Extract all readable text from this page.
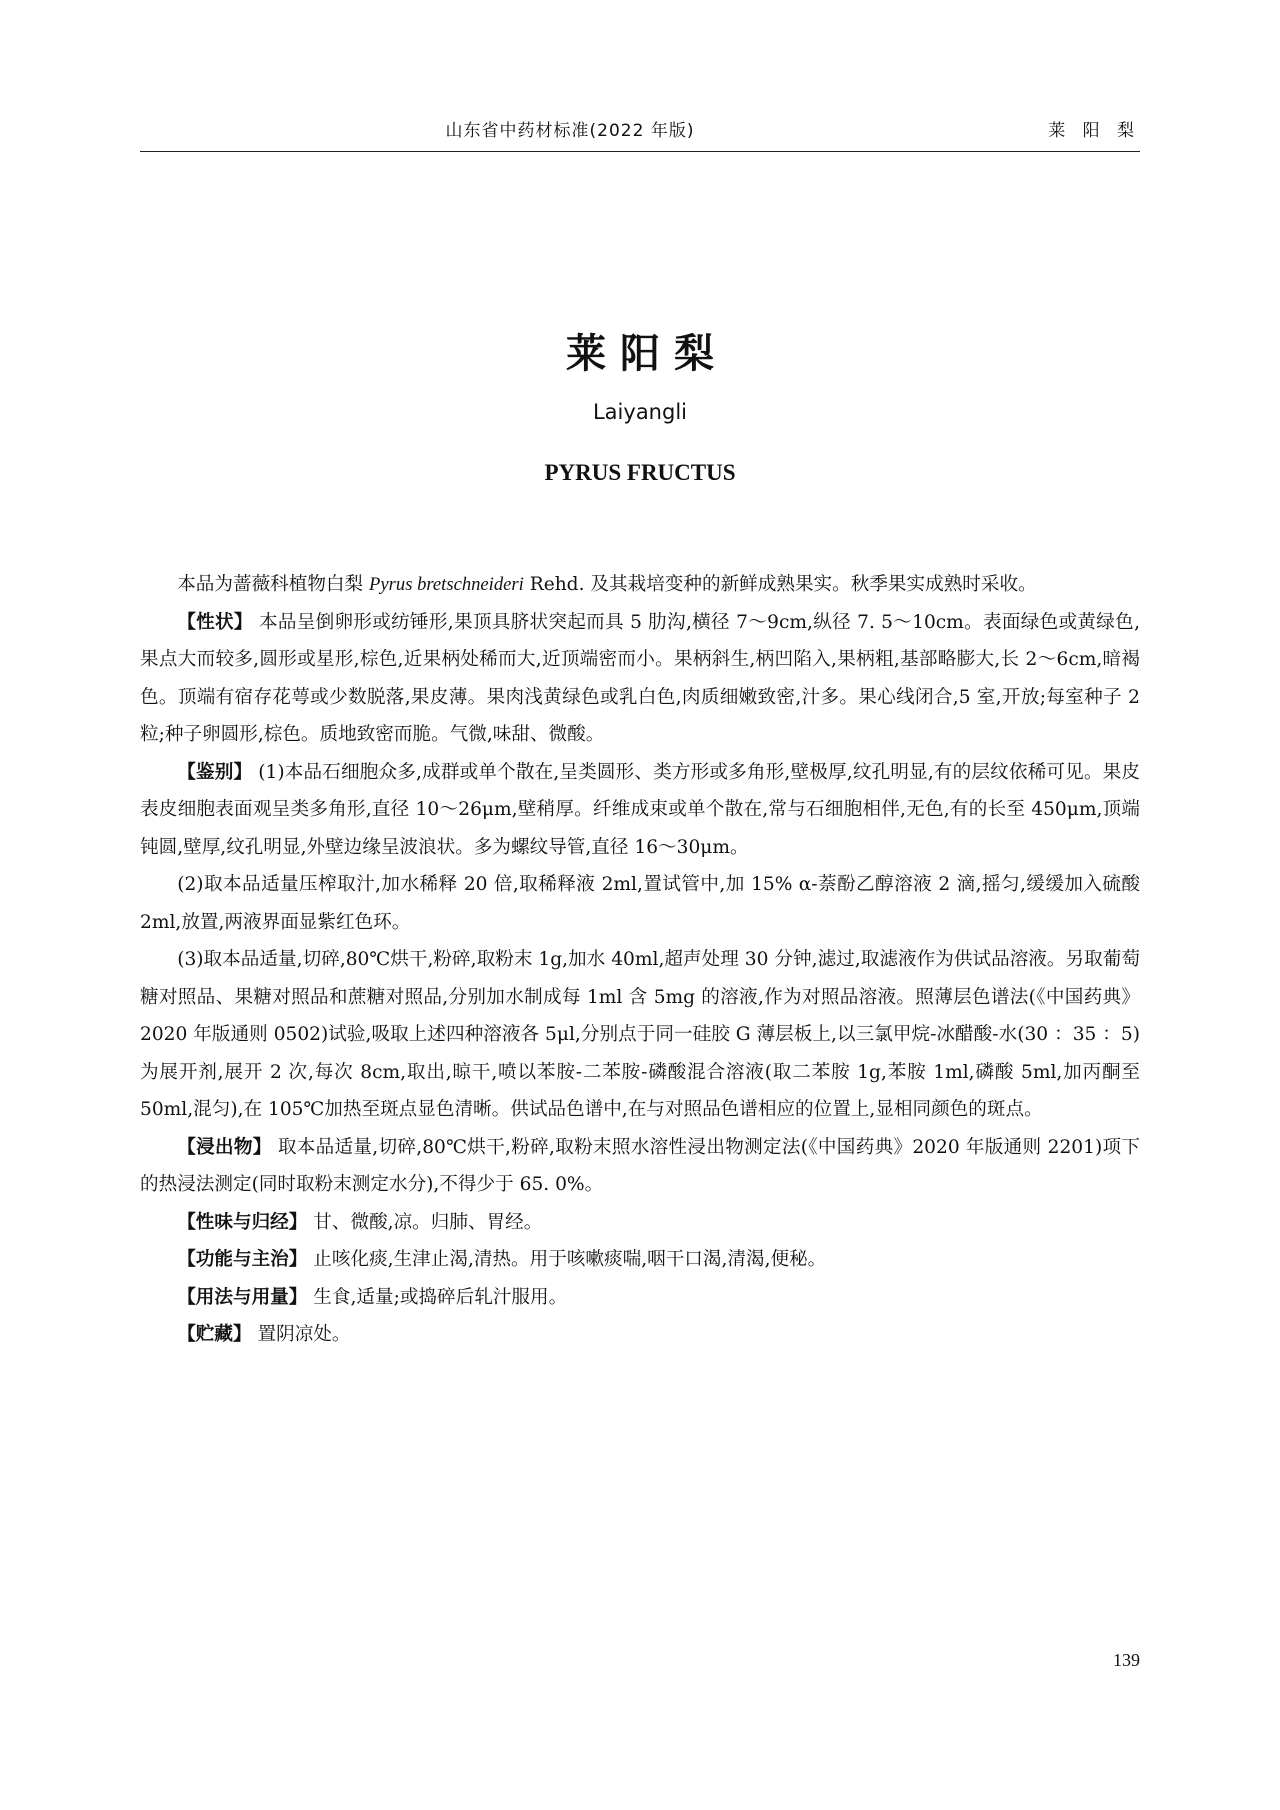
山东省中药材标准(2022 年版)	莱 阳 梨
莱阳梨
Laiyangli
PYRUS FRUCTUS

本品为蔷薇科植物白梨 Pyrus bretschneideri Rehd. 及其栽培变种的新鲜成熟果实。秋季果实成熟时采收。

【性状】 本品呈倒卵形或纺锤形,果顶具脐状突起而具 5 肋沟,横径 7～9cm,纵径 7. 5～10cm。表面绿色或黄绿色,果点大而较多,圆形或星形,棕色,近果柄处稀而大,近顶端密而小。果柄斜生,柄凹陷入,果柄粗,基部略膨大,长 2～6cm,暗褐色。顶端有宿存花萼或少数脱落,果皮薄。果肉浅黄绿色或乳白色,肉质细嫩致密,汁多。果心线闭合,5 室,开放;每室种子 2 粒;种子卵圆形,棕色。质地致密而脆。气微,味甜、微酸。

【鉴别】 (1)本品石细胞众多,成群或单个散在,呈类圆形、类方形或多角形,壁极厚,纹孔明显,有的层纹依稀可见。果皮表皮细胞表面观呈类多角形,直径 10～26μm,壁稍厚。纤维成束或单个散在,常与石细胞相伴,无色,有的长至 450μm,顶端钝圆,壁厚,纹孔明显,外壁边缘呈波浪状。多为螺纹导管,直径 16～30μm。

(2)取本品适量压榨取汁,加水稀释 20 倍,取稀释液 2ml,置试管中,加 15% α-萘酚乙醇溶液 2 滴,摇匀,缓缓加入硫酸 2ml,放置,两液界面显紫红色环。

(3)取本品适量,切碎,80℃烘干,粉碎,取粉末 1g,加水 40ml,超声处理 30 分钟,滤过,取滤液作为供试品溶液。另取葡萄糖对照品、果糖对照品和蔗糖对照品,分别加水制成每 1ml 含 5mg 的溶液,作为对照品溶液。照薄层色谱法(《中国药典》2020 年版通则 0502)试验,吸取上述四种溶液各 5μl,分别点于同一硅胶 G 薄层板上,以三氯甲烷-冰醋酸-水(30 ：35 ：5)为展开剂,展开 2 次,每次 8cm,取出,晾干,喷以苯胺-二苯胺-磷酸混合溶液(取二苯胺 1g,苯胺 1ml,磷酸 5ml,加丙酮至 50ml,混匀),在 105℃加热至斑点显色清晰。供试品色谱中,在与对照品色谱相应的位置上,显相同颜色的斑点。

【浸出物】 取本品适量,切碎,80℃烘干,粉碎,取粉末照水溶性浸出物测定法(《中国药典》2020 年版通则 2201)项下的热浸法测定(同时取粉末测定水分),不得少于 65. 0%。

【性味与归经】 甘、微酸,凉。归肺、胃经。

【功能与主治】 止咳化痰,生津止渴,清热。用于咳嗽痰喘,咽干口渴,清渴,便秘。

【用法与用量】 生食,适量;或捣碎后轧汁服用。

【贮藏】 置阴凉处。

139
